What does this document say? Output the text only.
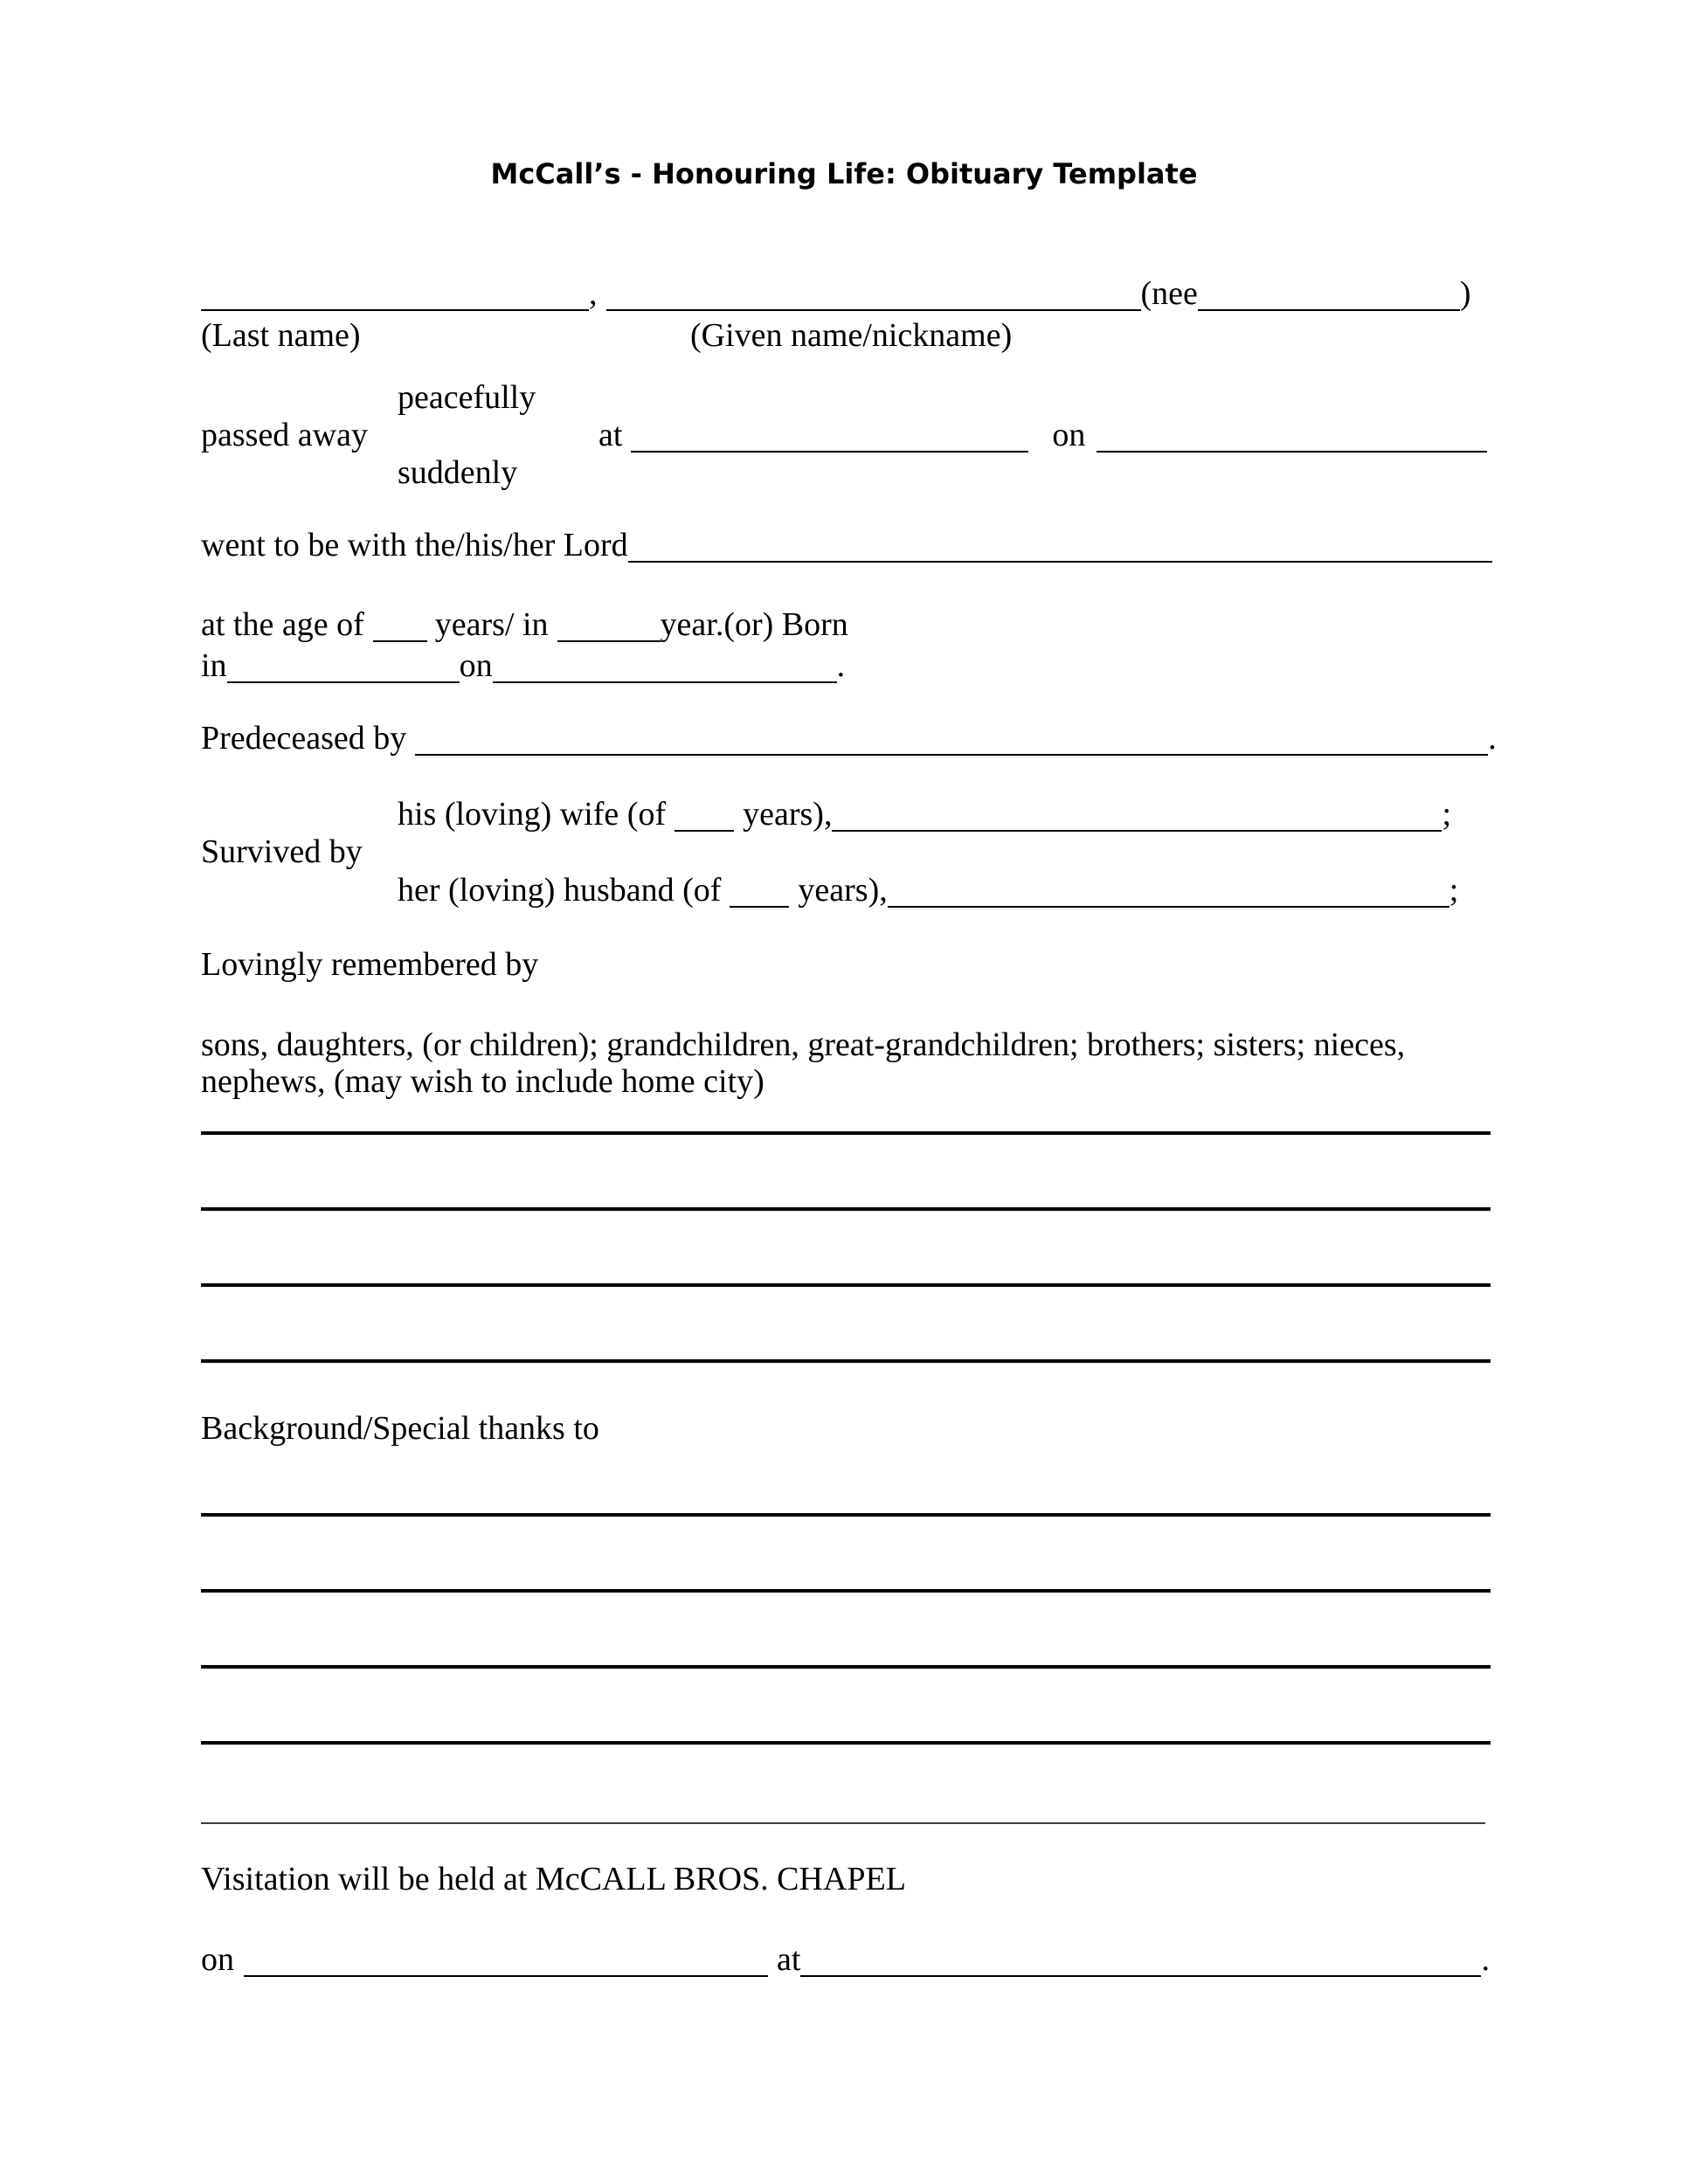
McCall’s - Honouring Life: Obituary Template
,	(nee	)
(Last name)	(Given name/nickname)
peacefully
passed away	at	on
suddenly
went to be with the/his/her Lord
at the age of years/ in	year.(or) Born
in	on	.
Predeceased by	.
his (loving) wife (of years),	;
Survived by
her (loving) husband (of years),	;
Lovingly remembered by
sons, daughters, (or children); grandchildren, great-grandchildren; brothers; sisters; nieces,
nephews, (may wish to include home city)
Background/Special thanks to
Visitation will be held at McCALL BROS. CHAPEL
on	at	.
